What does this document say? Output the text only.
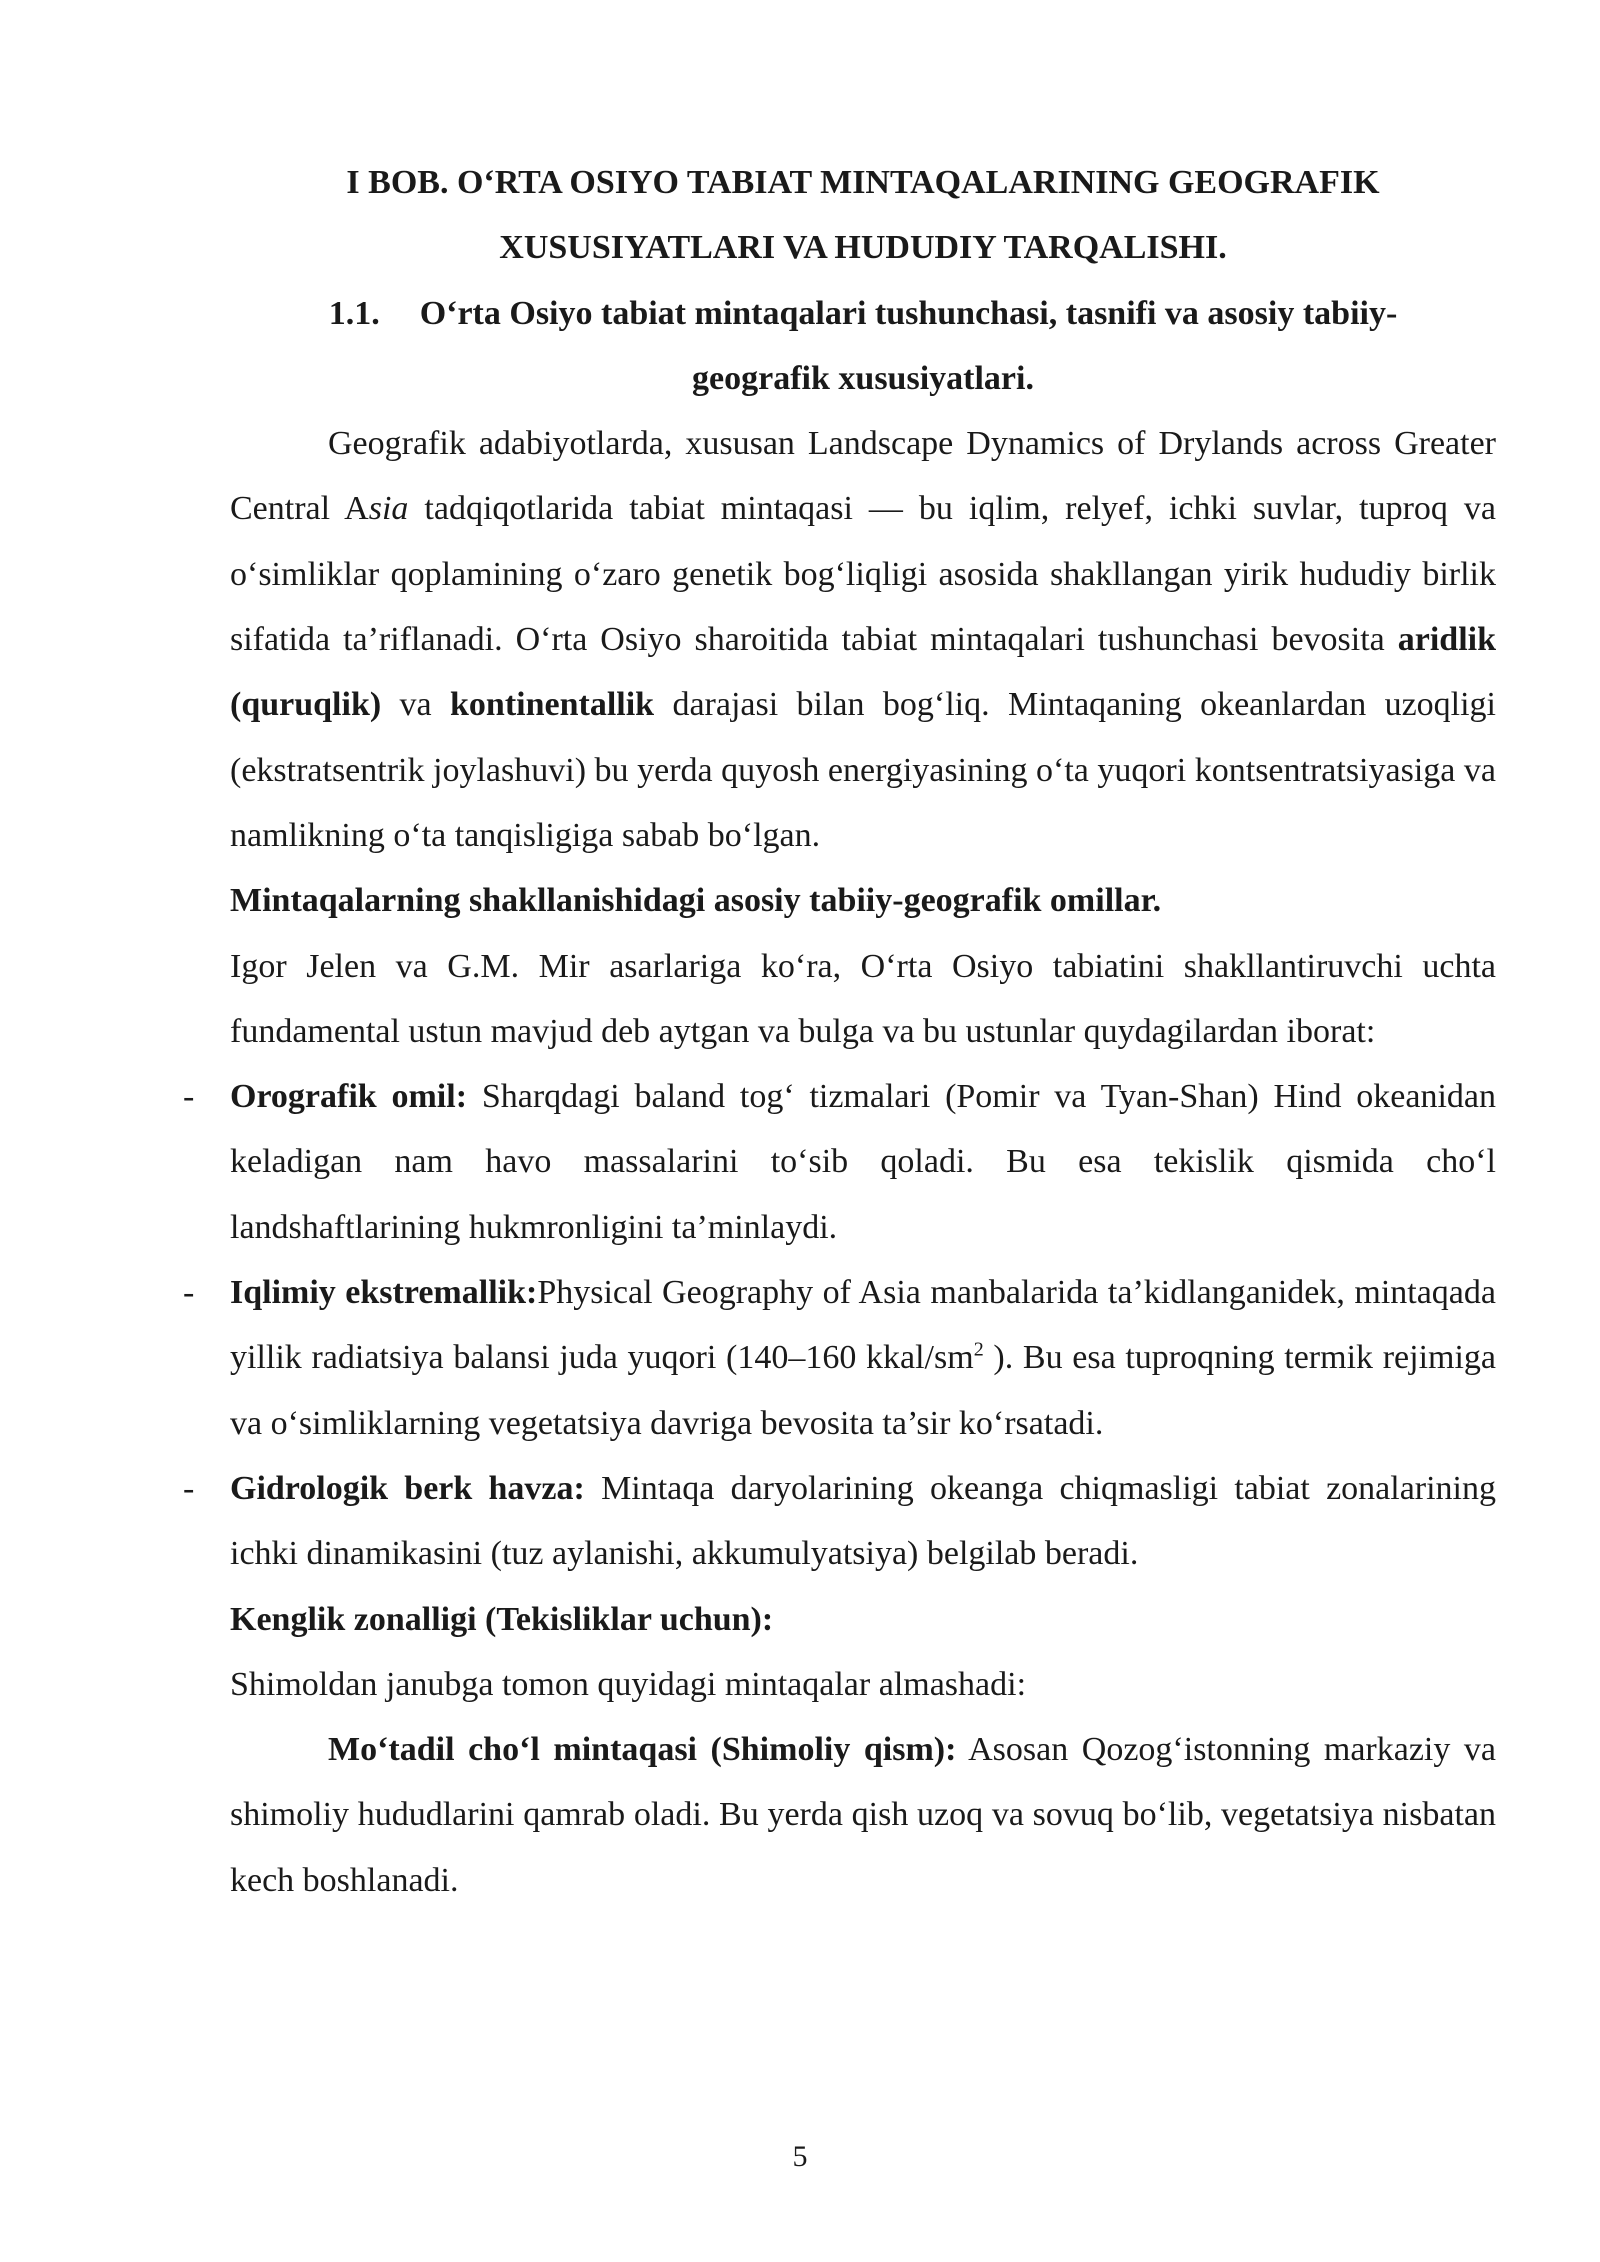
I BOB. O‘RTA OSIYO TABIAT MINTAQALARINING GEOGRAFIK
XUSUSIYATLARI VA HUDUDIY TARQALISHI.
1.1. O‘rta Osiyo tabiat mintaqalari tushunchasi, tasnifi va asosiy tabiiy-
geografik xususiyatlari.

Geografik adabiyotlarda, xususan Landscape Dynamics of Drylands across Greater Central Asia tadqiqotlarida tabiat mintaqasi — bu iqlim, relyef, ichki suvlar, tuproq va o‘simliklar qoplamining o‘zaro genetik bog‘liqligi asosida shakllangan yirik hududiy birlik sifatida ta’riflanadi. O‘rta Osiyo sharoitida tabiat mintaqalari tushunchasi bevosita aridlik (quruqlik) va kontinentallik darajasi bilan bog‘liq. Mintaqaning okeanlardan uzoqligi (ekstratsentrik joylashuvi) bu yerda quyosh energiyasining o‘ta yuqori kontsentratsiyasiga va namlikning o‘ta tanqisligiga sabab bo‘lgan.

Mintaqalarning shakllanishidagi asosiy tabiiy-geografik omillar.

Igor Jelen va G.M. Mir asarlariga ko‘ra, O‘rta Osiyo tabiatini shakllantiruvchi uchta fundamental ustun mavjud deb aytgan va bulga va bu ustunlar quydagilardan iborat:

- Orografik omil: Sharqdagi baland tog‘ tizmalari (Pomir va Tyan-Shan) Hind okeanidan keladigan nam havo massalarini to‘sib qoladi. Bu esa tekislik qismida cho‘l landshaftlarining hukmronligini ta’minlaydi.
- Iqlimiy ekstremallik:Physical Geography of Asia manbalarida ta’kidlanganidek, mintaqada yillik radiatsiya balansi juda yuqori (140–160 kkal/$sm^2$ ). Bu esa tuproqning termik rejimiga va o‘simliklarning vegetatsiya davriga bevosita ta’sir ko‘rsatadi.
- Gidrologik berk havza: Mintaqa daryolarining okeanga chiqmasligi tabiat zonalarining ichki dinamikasini (tuz aylanishi, akkumulyatsiya) belgilab beradi.
Kenglik zonalligi (Tekisliklar uchun):

Shimoldan janubga tomon quyidagi mintaqalar almashadi:

Mo‘tadil cho‘l mintaqasi (Shimoliy qism): Asosan Qozog‘istonning markaziy va shimoliy hududlarini qamrab oladi. Bu yerda qish uzoq va sovuq bo‘lib, vegetatsiya nisbatan kech boshlanadi.

5
